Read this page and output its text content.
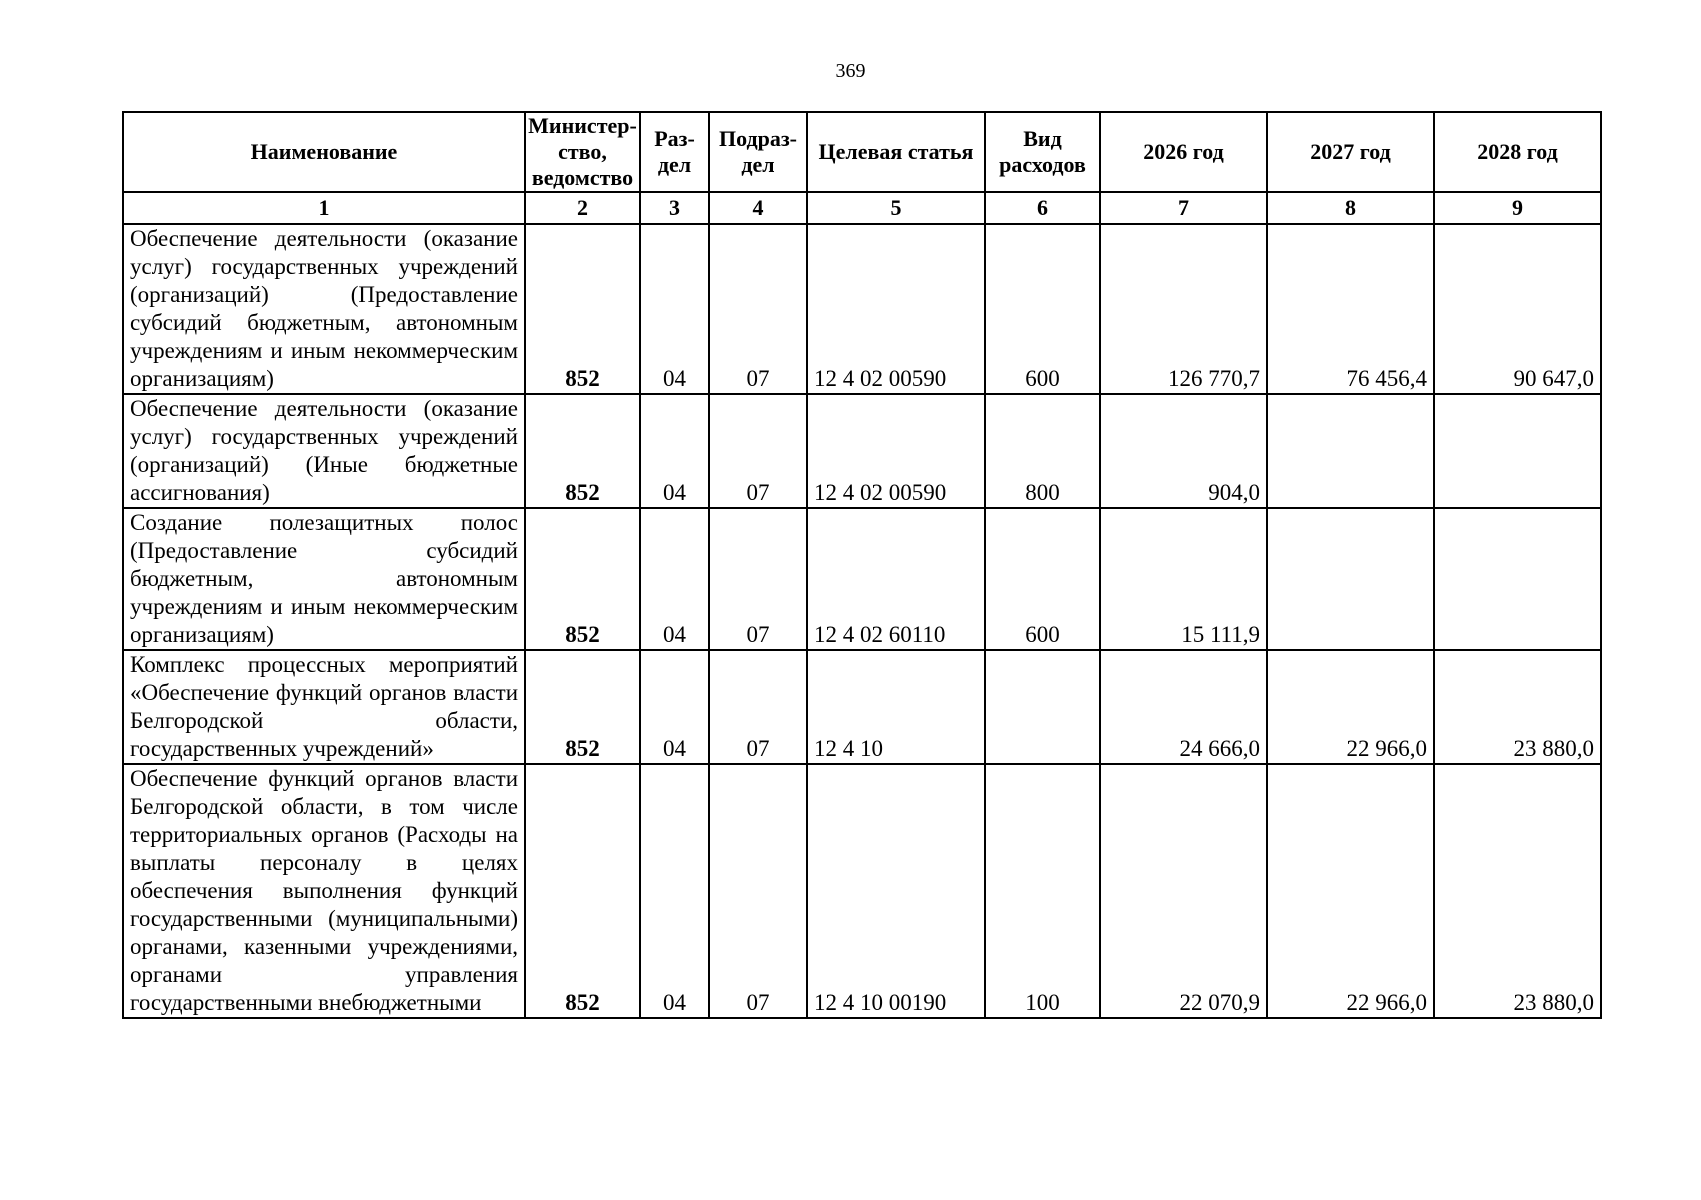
369
Наименование	Министер-ство, ведомство	Раз-дел	Подраз-дел	Целевая статья	Вид расходов	2026 год	2027 год	2028 год
1	2	3	4	5	6	7	8	9
Обеспечение деятельности (оказание услуг) государственных учреждений (организаций) (Предоставление субсидий бюджетным, автономным учреждениям и иным некоммерческим организациям)	852	04	07	12 4 02 00590	600	126 770,7	76 456,4	90 647,0
Обеспечение деятельности (оказание услуг) государственных учреждений (организаций) (Иные бюджетные ассигнования)	852	04	07	12 4 02 00590	800	904,0		
Создание полезащитных полос (Предоставление субсидий бюджетным, автономным учреждениям и иным некоммерческим организациям)	852	04	07	12 4 02 60110	600	15 111,9		
Комплекс процессных мероприятий «Обеспечение функций органов власти Белгородской области, государственных учреждений»	852	04	07	12 4 10		24 666,0	22 966,0	23 880,0
Обеспечение функций органов власти Белгородской области, в том числе территориальных органов (Расходы на выплаты персоналу в целях обеспечения выполнения функций государственными (муниципальными) органами, казенными учреждениями, органами управления государственными внебюджетными	852	04	07	12 4 10 00190	100	22 070,9	22 966,0	23 880,0
